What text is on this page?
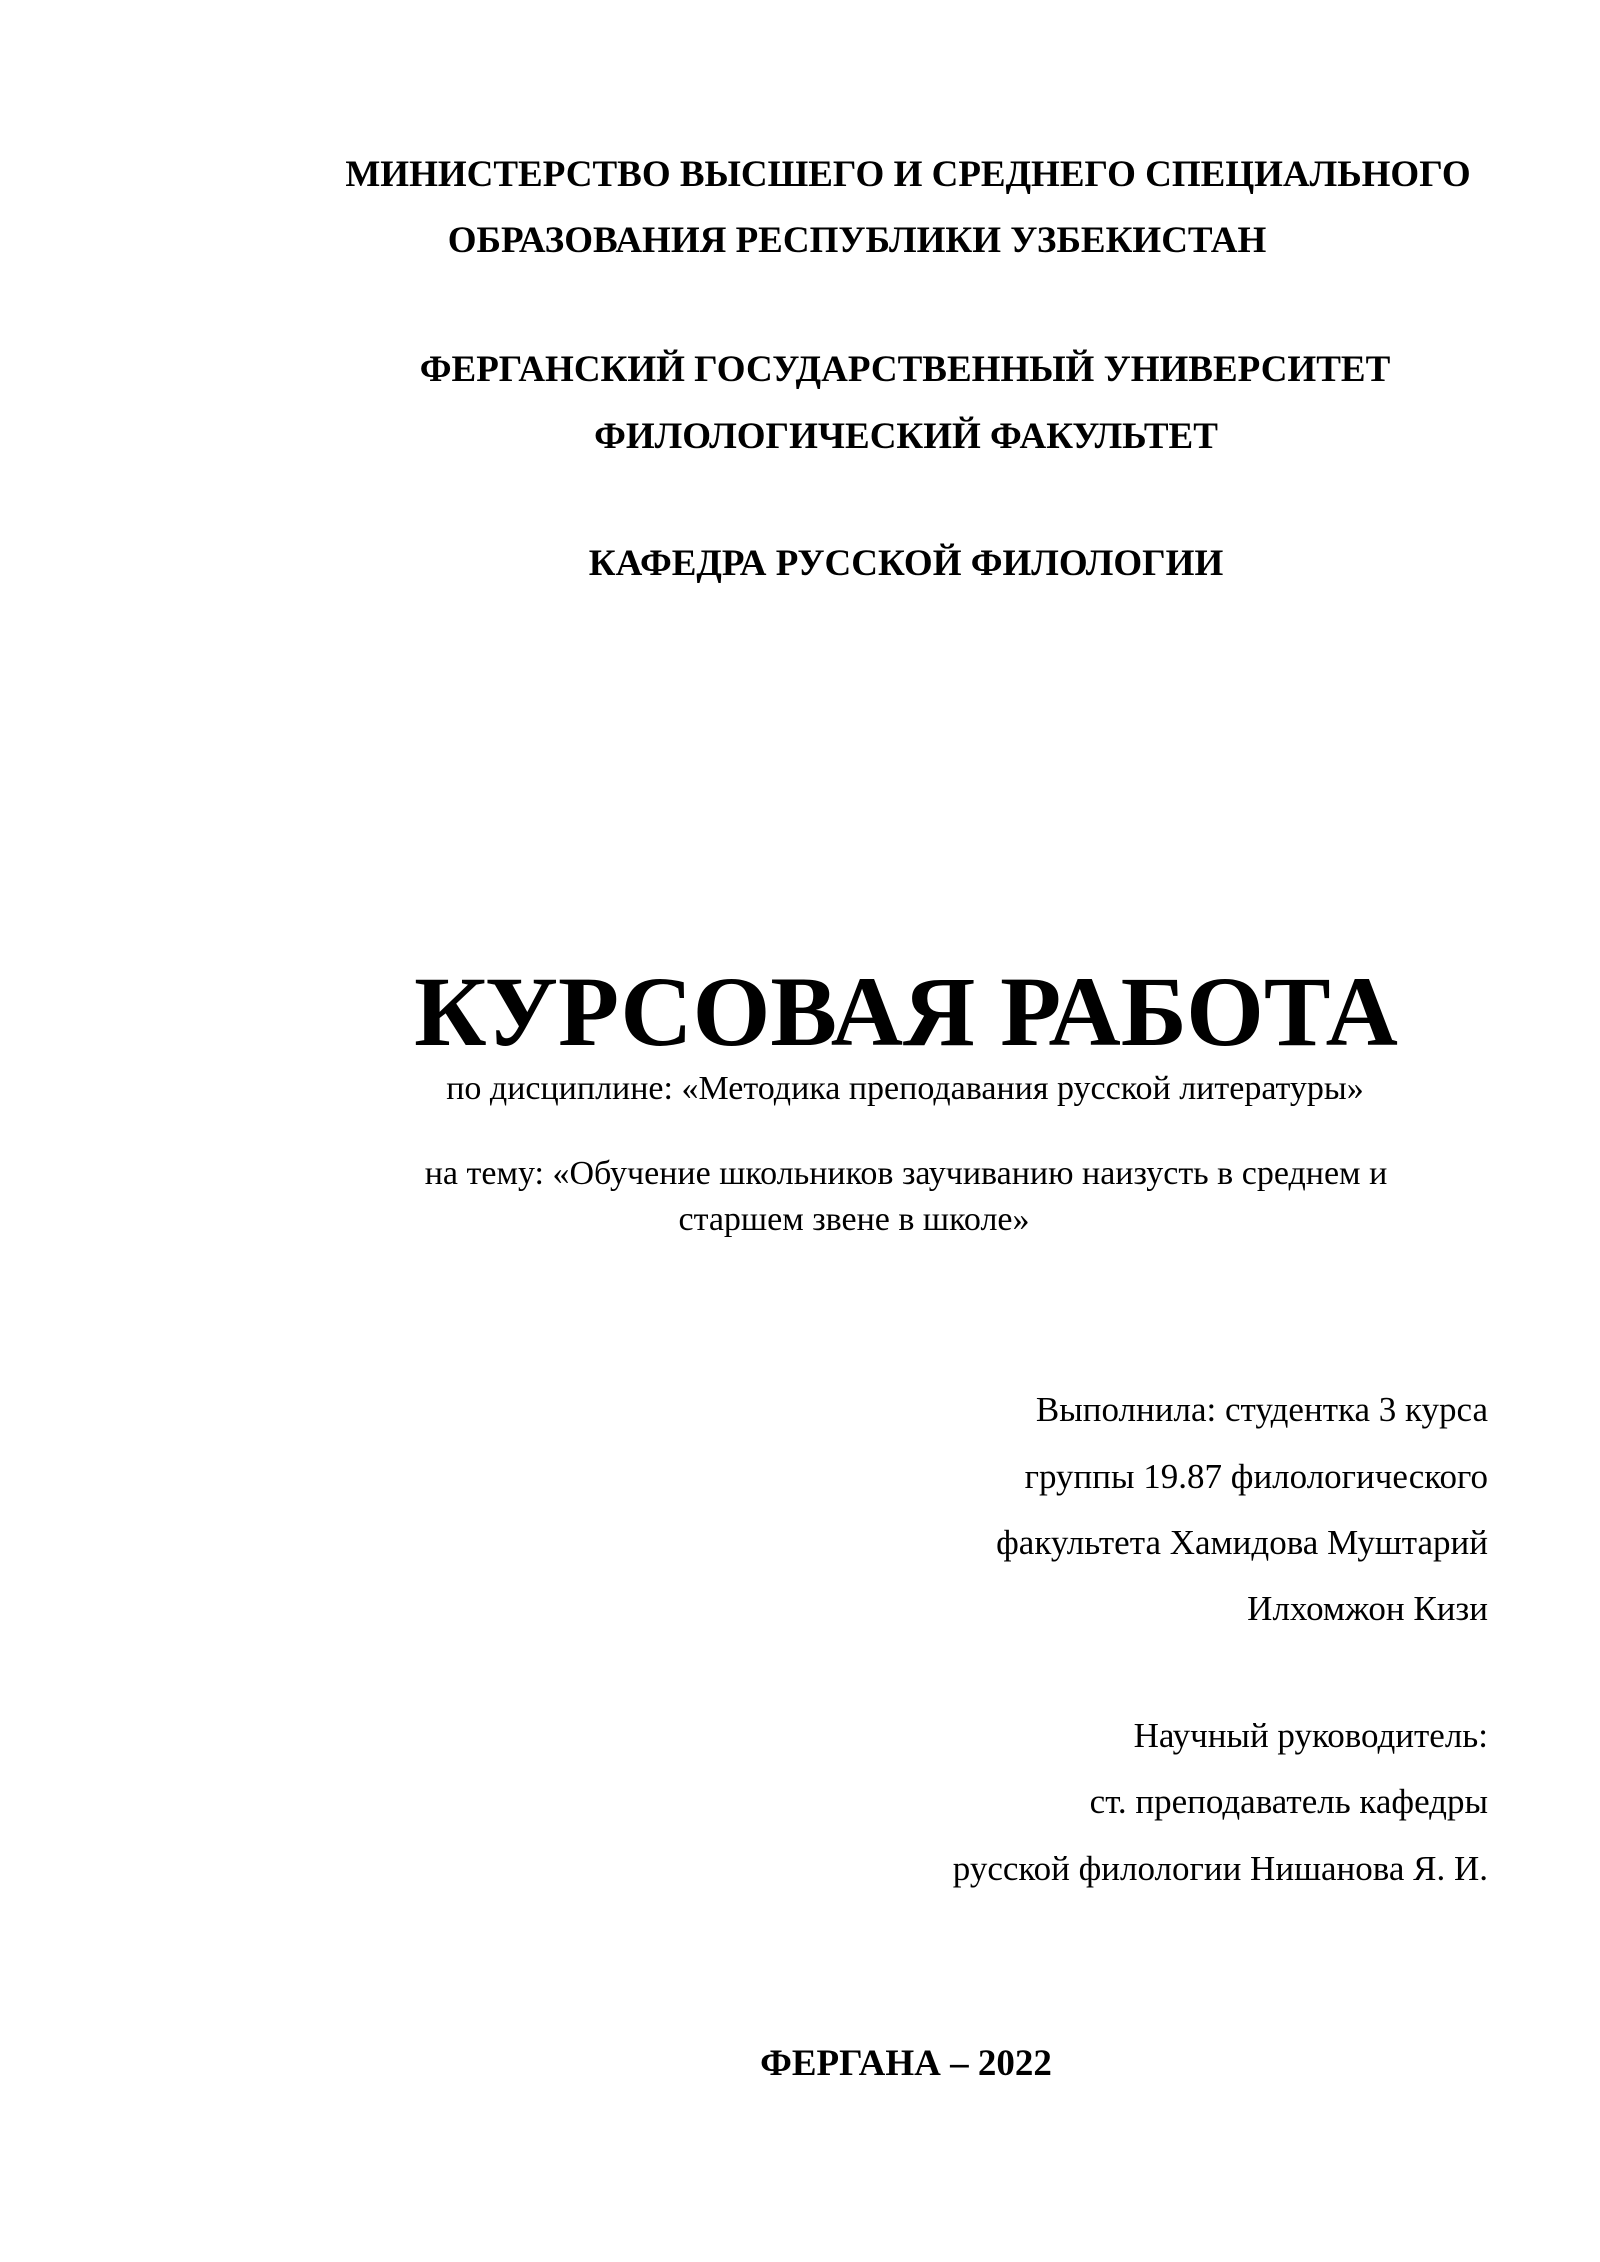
МИНИСТЕРСТВО ВЫСШЕГО И СРЕДНЕГО СПЕЦИАЛЬНОГО
ОБРАЗОВАНИЯ РЕСПУБЛИКИ УЗБЕКИСТАН
ФЕРГАНСКИЙ ГОСУДАРСТВЕННЫЙ УНИВЕРСИТЕТ
ФИЛОЛОГИЧЕСКИЙ ФАКУЛЬТЕТ
КАФЕДРА РУССКОЙ ФИЛОЛОГИИ
КУРСОВАЯ РАБОТА
по дисциплине: «Методика преподавания русской литературы»
на тему: «Обучение школьников заучиванию наизусть в среднем и
старшем звене в школе»
Выполнила: студентка 3 курса
группы 19.87 филологического
факультета Хамидова Муштарий
Илхомжон Кизи
Научный руководитель:
ст. преподаватель кафедры
русской филологии Нишанова Я. И.
ФЕРГАНА – 2022
